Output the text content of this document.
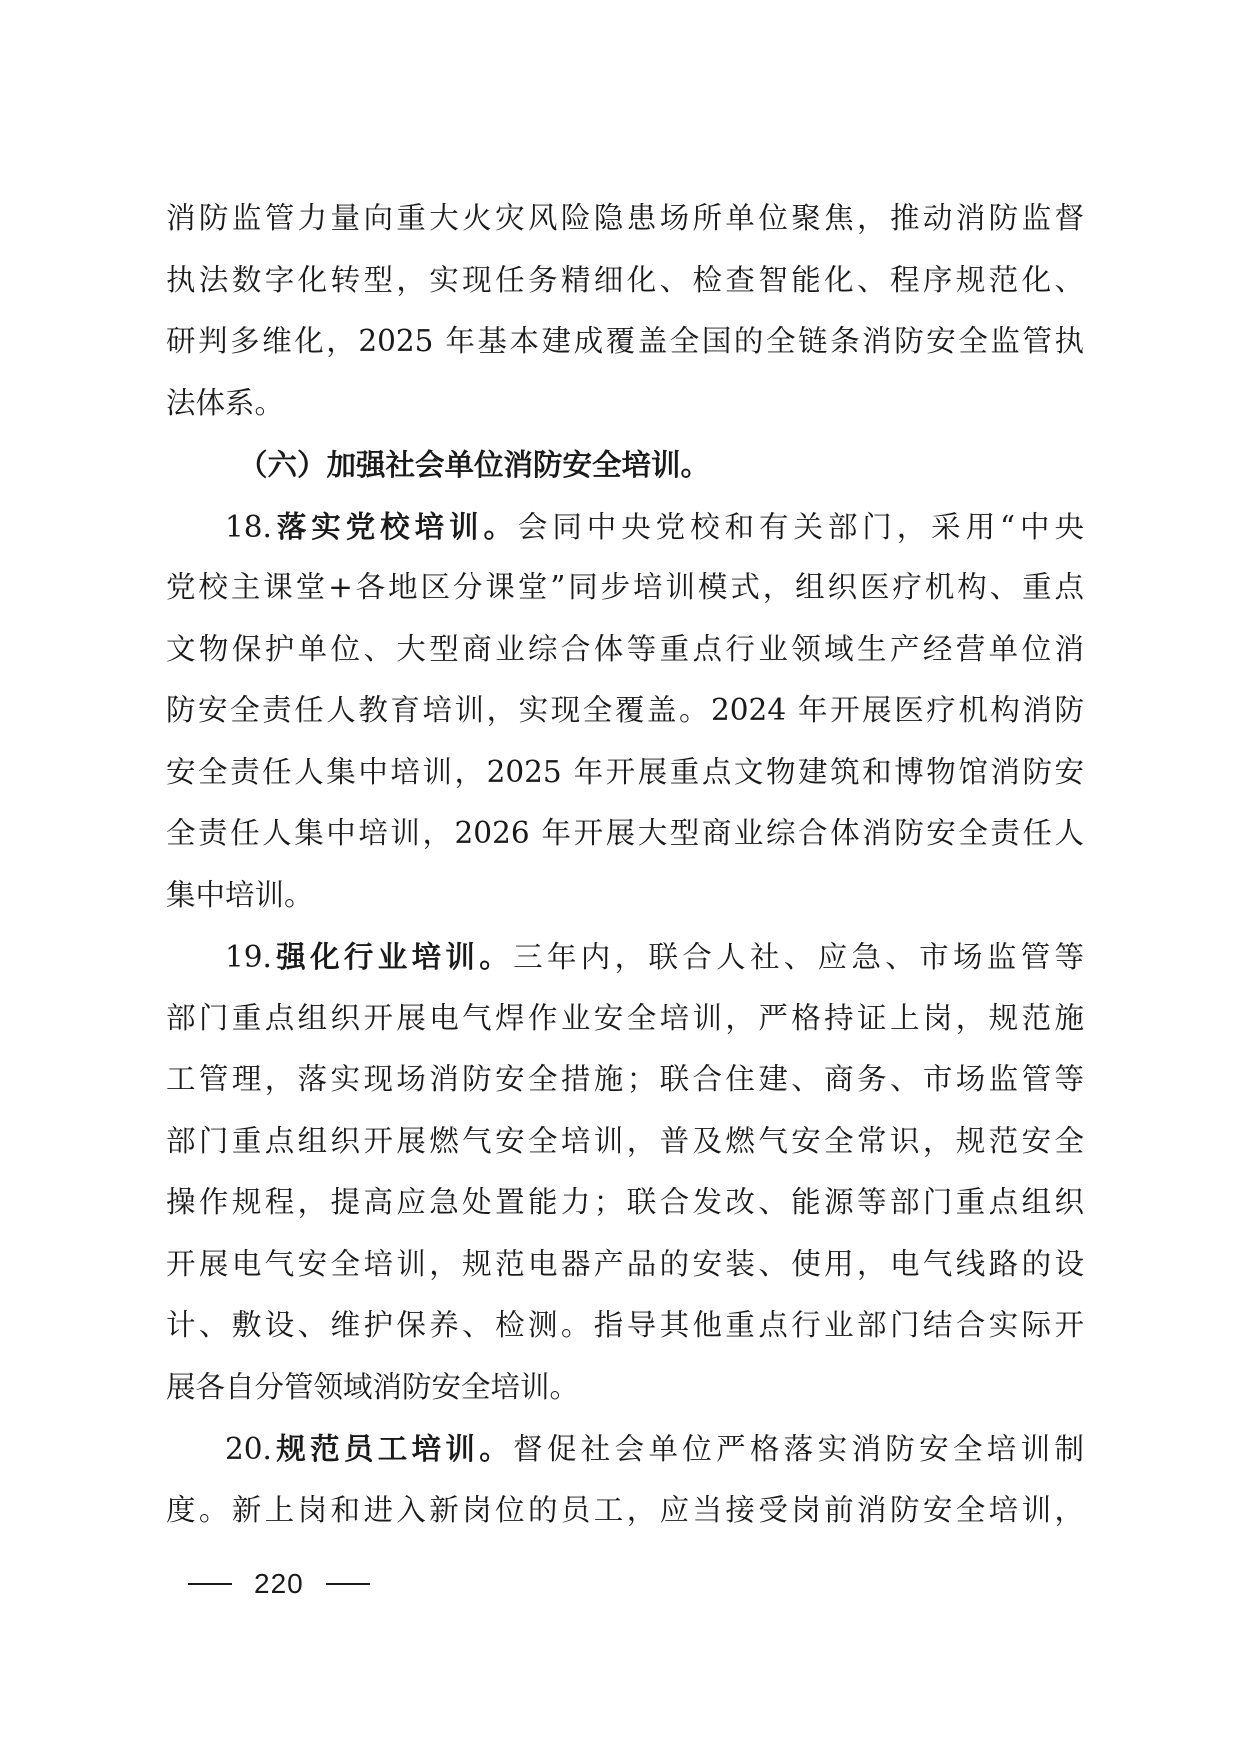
消防监管力量向重大火灾风险隐患场所单位聚焦，推动消防监督
执法数字化转型，实现任务精细化、检查智能化、程序规范化、
研判多维化，2025 年基本建成覆盖全国的全链条消防安全监管执
法体系。
（六）加强社会单位消防安全培训。
18.落实党校培训。会同中央党校和有关部门，采用“中央
党校主课堂+各地区分课堂”同步培训模式，组织医疗机构、重点
文物保护单位、大型商业综合体等重点行业领域生产经营单位消
防安全责任人教育培训，实现全覆盖。2024 年开展医疗机构消防
安全责任人集中培训，2025 年开展重点文物建筑和博物馆消防安
全责任人集中培训，2026 年开展大型商业综合体消防安全责任人
集中培训。
19.强化行业培训。三年内，联合人社、应急、市场监管等
部门重点组织开展电气焊作业安全培训，严格持证上岗，规范施
工管理，落实现场消防安全措施；联合住建、商务、市场监管等
部门重点组织开展燃气安全培训，普及燃气安全常识，规范安全
操作规程，提高应急处置能力；联合发改、能源等部门重点组织
开展电气安全培训，规范电器产品的安装、使用，电气线路的设
计、敷设、维护保养、检测。指导其他重点行业部门结合实际开
展各自分管领域消防安全培训。
20.规范员工培训。督促社会单位严格落实消防安全培训制
度。新上岗和进入新岗位的员工，应当接受岗前消防安全培训，
220
